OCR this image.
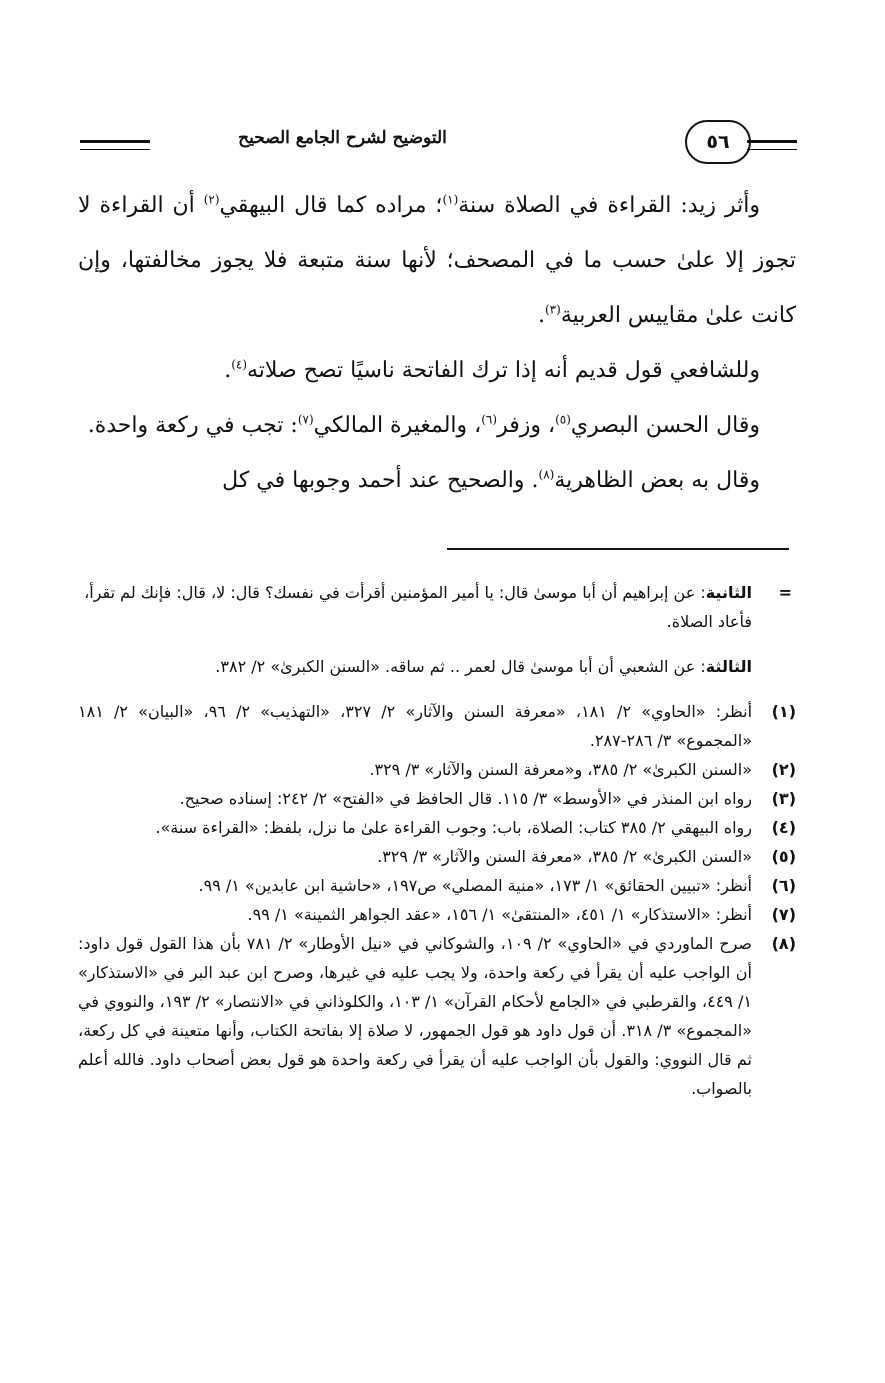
التوضيح لشرح الجامع الصحيح	٥٦

وأثر زيد: القراءة في الصلاة سنة$^{(١)}$؛ مراده كما قال البيهقي$^{(٢)}$ أن القراءة لا تجوز إلا علىٰ حسب ما في المصحف؛ لأنها سنة متبعة فلا يجوز مخالفتها، وإن كانت علىٰ مقاييس العربية$^{(٣)}$.

وللشافعي قول قديم أنه إذا ترك الفاتحة ناسيًا تصح صلاته$^{(٤)}$.

وقال الحسن البصري$^{(٥)}$، وزفر$^{(٦)}$، والمغيرة المالكي$^{(٧)}$: تجب في ركعة واحدة.

وقال به بعض الظاهرية$^{(٨)}$. والصحيح عند أحمد وجوبها في كل

=

الثانية: عن إبراهيم أن أبا موسىٰ قال: يا أمير المؤمنين أقرأت في نفسك؟ قال: لا، قال: فإنك لم تقرأ، فأعاد الصلاة.

الثالثة: عن الشعبي أن أبا موسىٰ قال لعمر .. ثم ساقه. «السنن الكبرىٰ» ٢/ ٣٨٢.

(١)

أنظر: «الحاوي» ٢/ ١٨١، «معرفة السنن والآثار» ٢/ ٣٢٧، «التهذيب» ٢/ ٩٦، «البيان» ٢/ ١٨١ «المجموع» ٣/ ٢٨٦-٢٨٧.

(٢)

«السنن الكبرىٰ» ٢/ ٣٨٥، و«معرفة السنن والآثار» ٣/ ٣٢٩.

(٣)

رواه ابن المنذر في «الأوسط» ٣/ ١١٥. قال الحافظ في «الفتح» ٢/ ٢٤٢: إسناده صحيح.

(٤)

رواه البيهقي ٢/ ٣٨٥ كتاب: الصلاة، باب: وجوب القراءة علىٰ ما نزل، بلفظ: «القراءة سنة».

(٥)

«السنن الكبرىٰ» ٢/ ٣٨٥، «معرفة السنن والآثار» ٣/ ٣٢٩.

(٦)

أنظر: «تبيين الحقائق» ١/ ١٧٣، «منية المصلي» ص١٩٧، «حاشية ابن عابدين» ١/ ٩٩.

(٧)

أنظر: «الاستذكار» ١/ ٤٥١، «المنتقىٰ» ١/ ١٥٦، «عقد الجواهر الثمينة» ١/ ٩٩.

(٨)

صرح الماوردي في «الحاوي» ٢/ ١٠٩، والشوكاني في «نيل الأوطار» ٢/ ٧٨١ بأن هذا القول قول داود: أن الواجب عليه أن يقرأ في ركعة واحدة، ولا يجب عليه في غيرها، وصرح ابن عبد البر في «الاستذكار» ١/ ٤٤٩، والقرطبي في «الجامع لأحكام القرآن» ١/ ١٠٣، والكلوذاني في «الانتصار» ٢/ ١٩٣، والنووي في «المجموع» ٣/ ٣١٨. أن قول داود هو قول الجمهور، لا صلاة إلا بفاتحة الكتاب، وأنها متعينة في كل ركعة، ثم قال النووي: والقول بأن الواجب عليه أن يقرأ في ركعة واحدة هو قول بعض أصحاب داود. فالله أعلم بالصواب.
